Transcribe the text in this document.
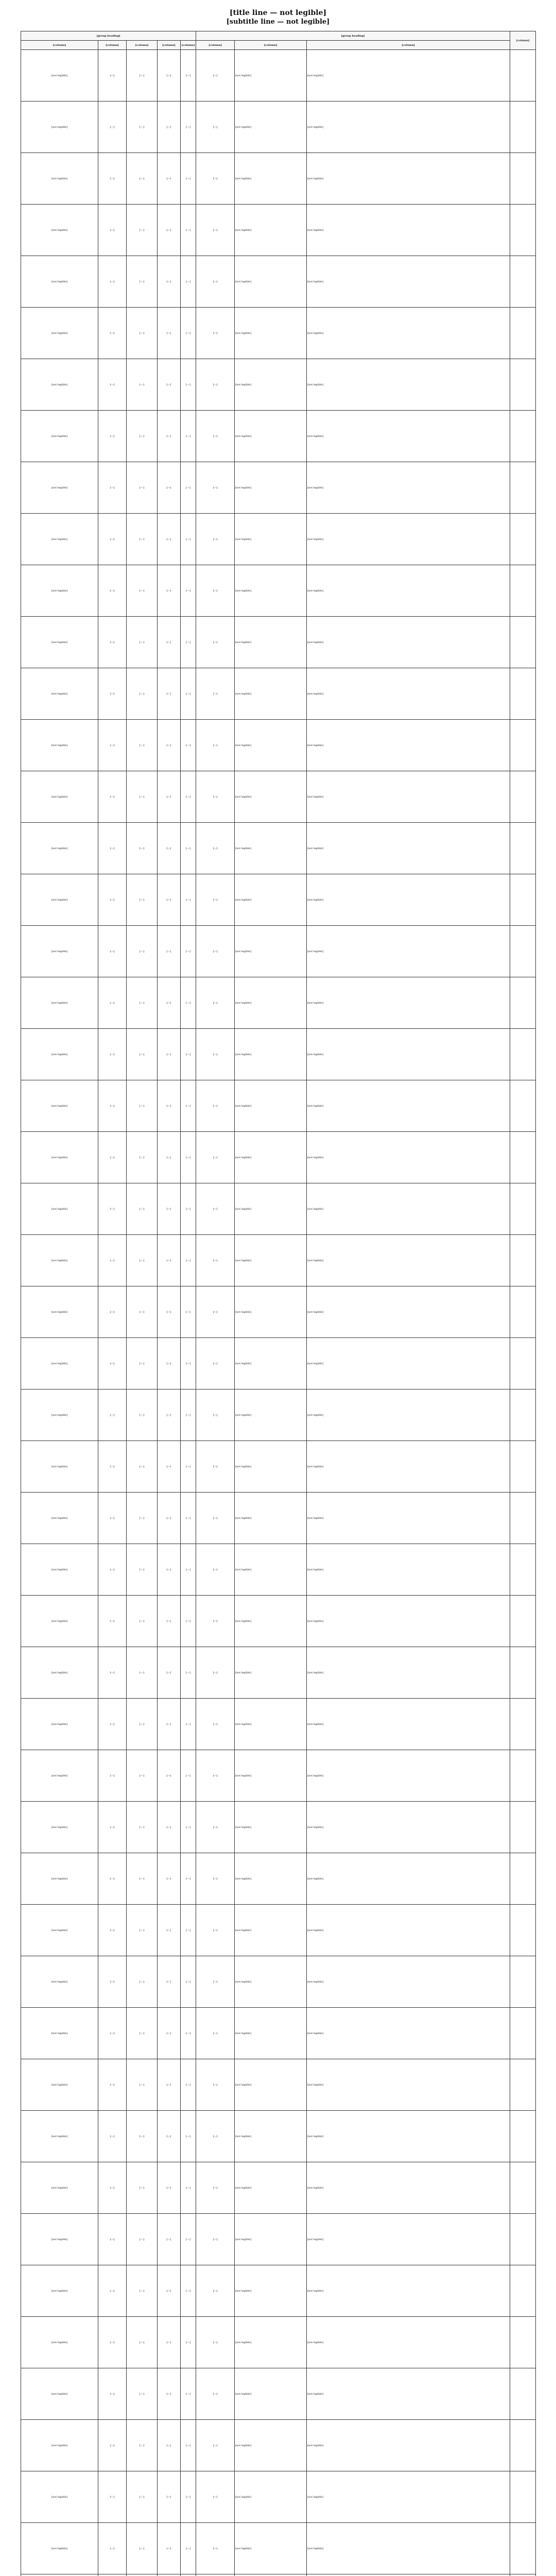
[title line — not legible]
[subtitle line — not legible]
[group heading]					[group heading]			[column]
[column]	[column]	[column]	[column]	[column]	[column]	[column]	[column]	
[not legible]	[—]	[—]	[—]	[—]	[—]	[not legible]	[not legible]	
[not legible]	[—]	[—]	[—]	[—]	[—]	[not legible]	[not legible]	
[not legible]	[—]	[—]	[—]	[—]	[—]	[not legible]	[not legible]	
[not legible]	[—]	[—]	[—]	[—]	[—]	[not legible]	[not legible]	
[not legible]	[—]	[—]	[—]	[—]	[—]	[not legible]	[not legible]	
[not legible]	[—]	[—]	[—]	[—]	[—]	[not legible]	[not legible]	
[not legible]	[—]	[—]	[—]	[—]	[—]	[not legible]	[not legible]	
[not legible]	[—]	[—]	[—]	[—]	[—]	[not legible]	[not legible]	
[not legible]	[—]	[—]	[—]	[—]	[—]	[not legible]	[not legible]	
[not legible]	[—]	[—]	[—]	[—]	[—]	[not legible]	[not legible]	
[not legible]	[—]	[—]	[—]	[—]	[—]	[not legible]	[not legible]	
[not legible]	[—]	[—]	[—]	[—]	[—]	[not legible]	[not legible]	
[not legible]	[—]	[—]	[—]	[—]	[—]	[not legible]	[not legible]	
[not legible]	[—]	[—]	[—]	[—]	[—]	[not legible]	[not legible]	
[not legible]	[—]	[—]	[—]	[—]	[—]	[not legible]	[not legible]	
[not legible]	[—]	[—]	[—]	[—]	[—]	[not legible]	[not legible]	
[not legible]	[—]	[—]	[—]	[—]	[—]	[not legible]	[not legible]	
[not legible]	[—]	[—]	[—]	[—]	[—]	[not legible]	[not legible]	
[not legible]	[—]	[—]	[—]	[—]	[—]	[not legible]	[not legible]	
[not legible]	[—]	[—]	[—]	[—]	[—]	[not legible]	[not legible]	
[not legible]	[—]	[—]	[—]	[—]	[—]	[not legible]	[not legible]	
[not legible]	[—]	[—]	[—]	[—]	[—]	[not legible]	[not legible]	
[not legible]	[—]	[—]	[—]	[—]	[—]	[not legible]	[not legible]	
[not legible]	[—]	[—]	[—]	[—]	[—]	[not legible]	[not legible]	
[not legible]	[—]	[—]	[—]	[—]	[—]	[not legible]	[not legible]	
[not legible]	[—]	[—]	[—]	[—]	[—]	[not legible]	[not legible]	
[not legible]	[—]	[—]	[—]	[—]	[—]	[not legible]	[not legible]	
[not legible]	[—]	[—]	[—]	[—]	[—]	[not legible]	[not legible]	
[not legible]	[—]	[—]	[—]	[—]	[—]	[not legible]	[not legible]	
[not legible]	[—]	[—]	[—]	[—]	[—]	[not legible]	[not legible]	
[not legible]	[—]	[—]	[—]	[—]	[—]	[not legible]	[not legible]	
[not legible]	[—]	[—]	[—]	[—]	[—]	[not legible]	[not legible]	
[not legible]	[—]	[—]	[—]	[—]	[—]	[not legible]	[not legible]	
[not legible]	[—]	[—]	[—]	[—]	[—]	[not legible]	[not legible]	
[not legible]	[—]	[—]	[—]	[—]	[—]	[not legible]	[not legible]	
[not legible]	[—]	[—]	[—]	[—]	[—]	[not legible]	[not legible]	
[not legible]	[—]	[—]	[—]	[—]	[—]	[not legible]	[not legible]	
[not legible]	[—]	[—]	[—]	[—]	[—]	[not legible]	[not legible]	
[not legible]	[—]	[—]	[—]	[—]	[—]	[not legible]	[not legible]	
[not legible]	[—]	[—]	[—]	[—]	[—]	[not legible]	[not legible]	
[not legible]	[—]	[—]	[—]	[—]	[—]	[not legible]	[not legible]	
[not legible]	[—]	[—]	[—]	[—]	[—]	[not legible]	[not legible]	
[not legible]	[—]	[—]	[—]	[—]	[—]	[not legible]	[not legible]	
[not legible]	[—]	[—]	[—]	[—]	[—]	[not legible]	[not legible]	
[not legible]	[—]	[—]	[—]	[—]	[—]	[not legible]	[not legible]	
[not legible]	[—]	[—]	[—]	[—]	[—]	[not legible]	[not legible]	
[not legible]	[—]	[—]	[—]	[—]	[—]	[not legible]	[not legible]	
[not legible]	[—]	[—]	[—]	[—]	[—]	[not legible]	[not legible]	
[not legible]	[—]	[—]	[—]	[—]	[—]	[not legible]	[not legible]	
